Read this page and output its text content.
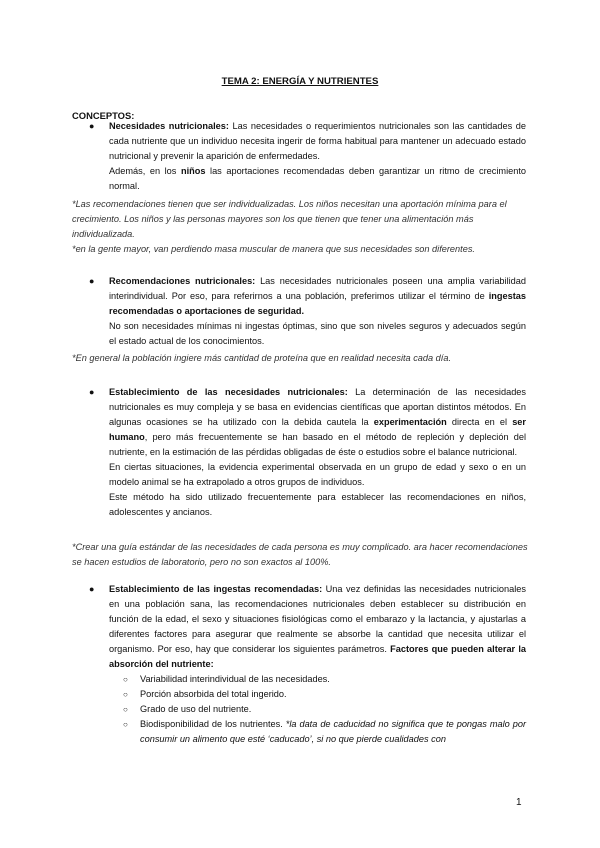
TEMA 2: ENERGÍA Y NUTRIENTES
CONCEPTOS:
● Necesidades nutricionales: Las necesidades o requerimientos nutricionales son las cantidades de cada nutriente que un individuo necesita ingerir de forma habitual para mantener un adecuado estado nutricional y prevenir la aparición de enfermedades.

Además, en los niños las aportaciones recomendadas deben garantizar un ritmo de crecimiento normal.

*Las recomendaciones tienen que ser individualizadas. Los niños necesitan una aportación mínima para el crecimiento. Los niños y las personas mayores son los que tienen que tener una alimentación más individualizada.

*en la gente mayor, van perdiendo masa muscular de manera que sus necesidades son diferentes.

● Recomendaciones nutricionales: Las necesidades nutricionales poseen una amplia variabilidad interindividual. Por eso, para referirnos a una población, preferimos utilizar el término de ingestas recomendadas o aportaciones de seguridad.

No son necesidades mínimas ni ingestas óptimas, sino que son niveles seguros y adecuados según el estado actual de los conocimientos.

*En general la población ingiere más cantidad de proteína que en realidad necesita cada día.

● Establecimiento de las necesidades nutricionales: La determinación de las necesidades nutricionales es muy compleja y se basa en evidencias científicas que aportan distintos métodos. En algunas ocasiones se ha utilizado con la debida cautela la experimentación directa en el ser humano, pero más frecuentemente se han basado en el método de repleción y depleción del nutriente, en la estimación de las pérdidas obligadas de éste o estudios sobre el balance nutricional.

En ciertas situaciones, la evidencia experimental observada en un grupo de edad y sexo o en un modelo animal se ha extrapolado a otros grupos de individuos.

Este método ha sido utilizado frecuentemente para establecer las recomendaciones en niños, adolescentes y ancianos.

*Crear una guía estándar de las necesidades de cada persona es muy complicado. ara hacer recomendaciones se hacen estudios de laboratorio, pero no son exactos al 100%.

● Establecimiento de las ingestas recomendadas: Una vez definidas las necesidades nutricionales en una población sana, las recomendaciones nutricionales deben establecer su distribución en función de la edad, el sexo y situaciones fisiológicas como el embarazo y la lactancia, y ajustarlas a diferentes factores para asegurar que realmente se absorbe la cantidad que necesita utilizar el organismo. Por eso, hay que considerar los siguientes parámetros. Factores que pueden alterar la absorción del nutriente:

○ Variabilidad interindividual de las necesidades.
○ Porción absorbida del total ingerido.
○ Grado de uso del nutriente.
○ Biodisponibilidad de los nutrientes. *la data de caducidad no significa que te pongas malo por consumir un alimento que esté ‘caducado’, si no que pierde cualidades con
1
